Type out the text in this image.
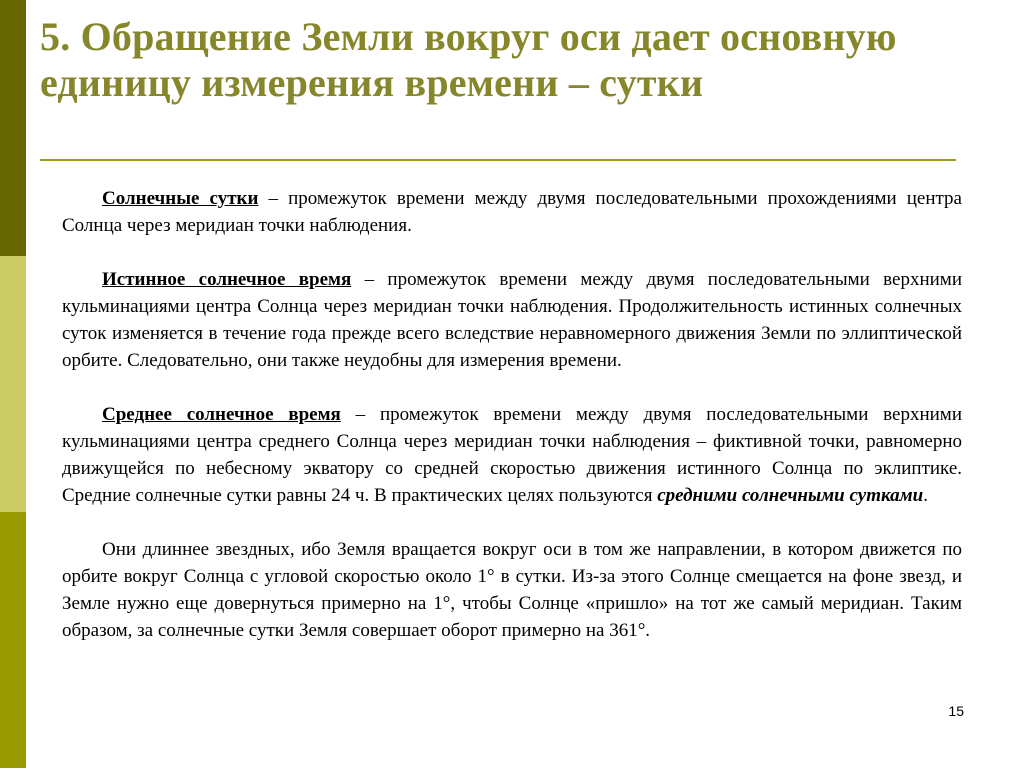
5. Обращение Земли вокруг оси дает основную единицу измерения времени – сутки

Солнечные сутки – промежуток времени между двумя последовательными прохождениями центра Солнца через меридиан точки наблюдения.

Истинное солнечное время – промежуток времени между двумя последовательными верхними кульминациями центра Солнца через меридиан точки наблюдения. Продолжительность истинных солнечных суток изменяется в течение года прежде всего вследствие неравномерного движения Земли по эллиптической орбите. Следовательно, они также неудобны для измерения времени.

Среднее солнечное время – промежуток времени между двумя последовательными верхними кульминациями центра среднего Солнца через меридиан точки наблюдения – фиктивной точки, равномерно движущейся по небесному экватору со средней скоростью движения истинного Солнца по эклиптике. Средние солнечные сутки равны 24 ч. В практических целях пользуются средними солнечными сутками.

Они длиннее звездных, ибо Земля вращается вокруг оси в том же направлении, в котором движется по орбите вокруг Солнца с угловой скоростью около 1° в сутки. Из-за этого Солнце смещается на фоне звезд, и Земле нужно еще довернуться примерно на 1°, чтобы Солнце «пришло» на тот же самый меридиан. Таким образом, за солнечные сутки Земля совершает оборот примерно на 361°.

15
